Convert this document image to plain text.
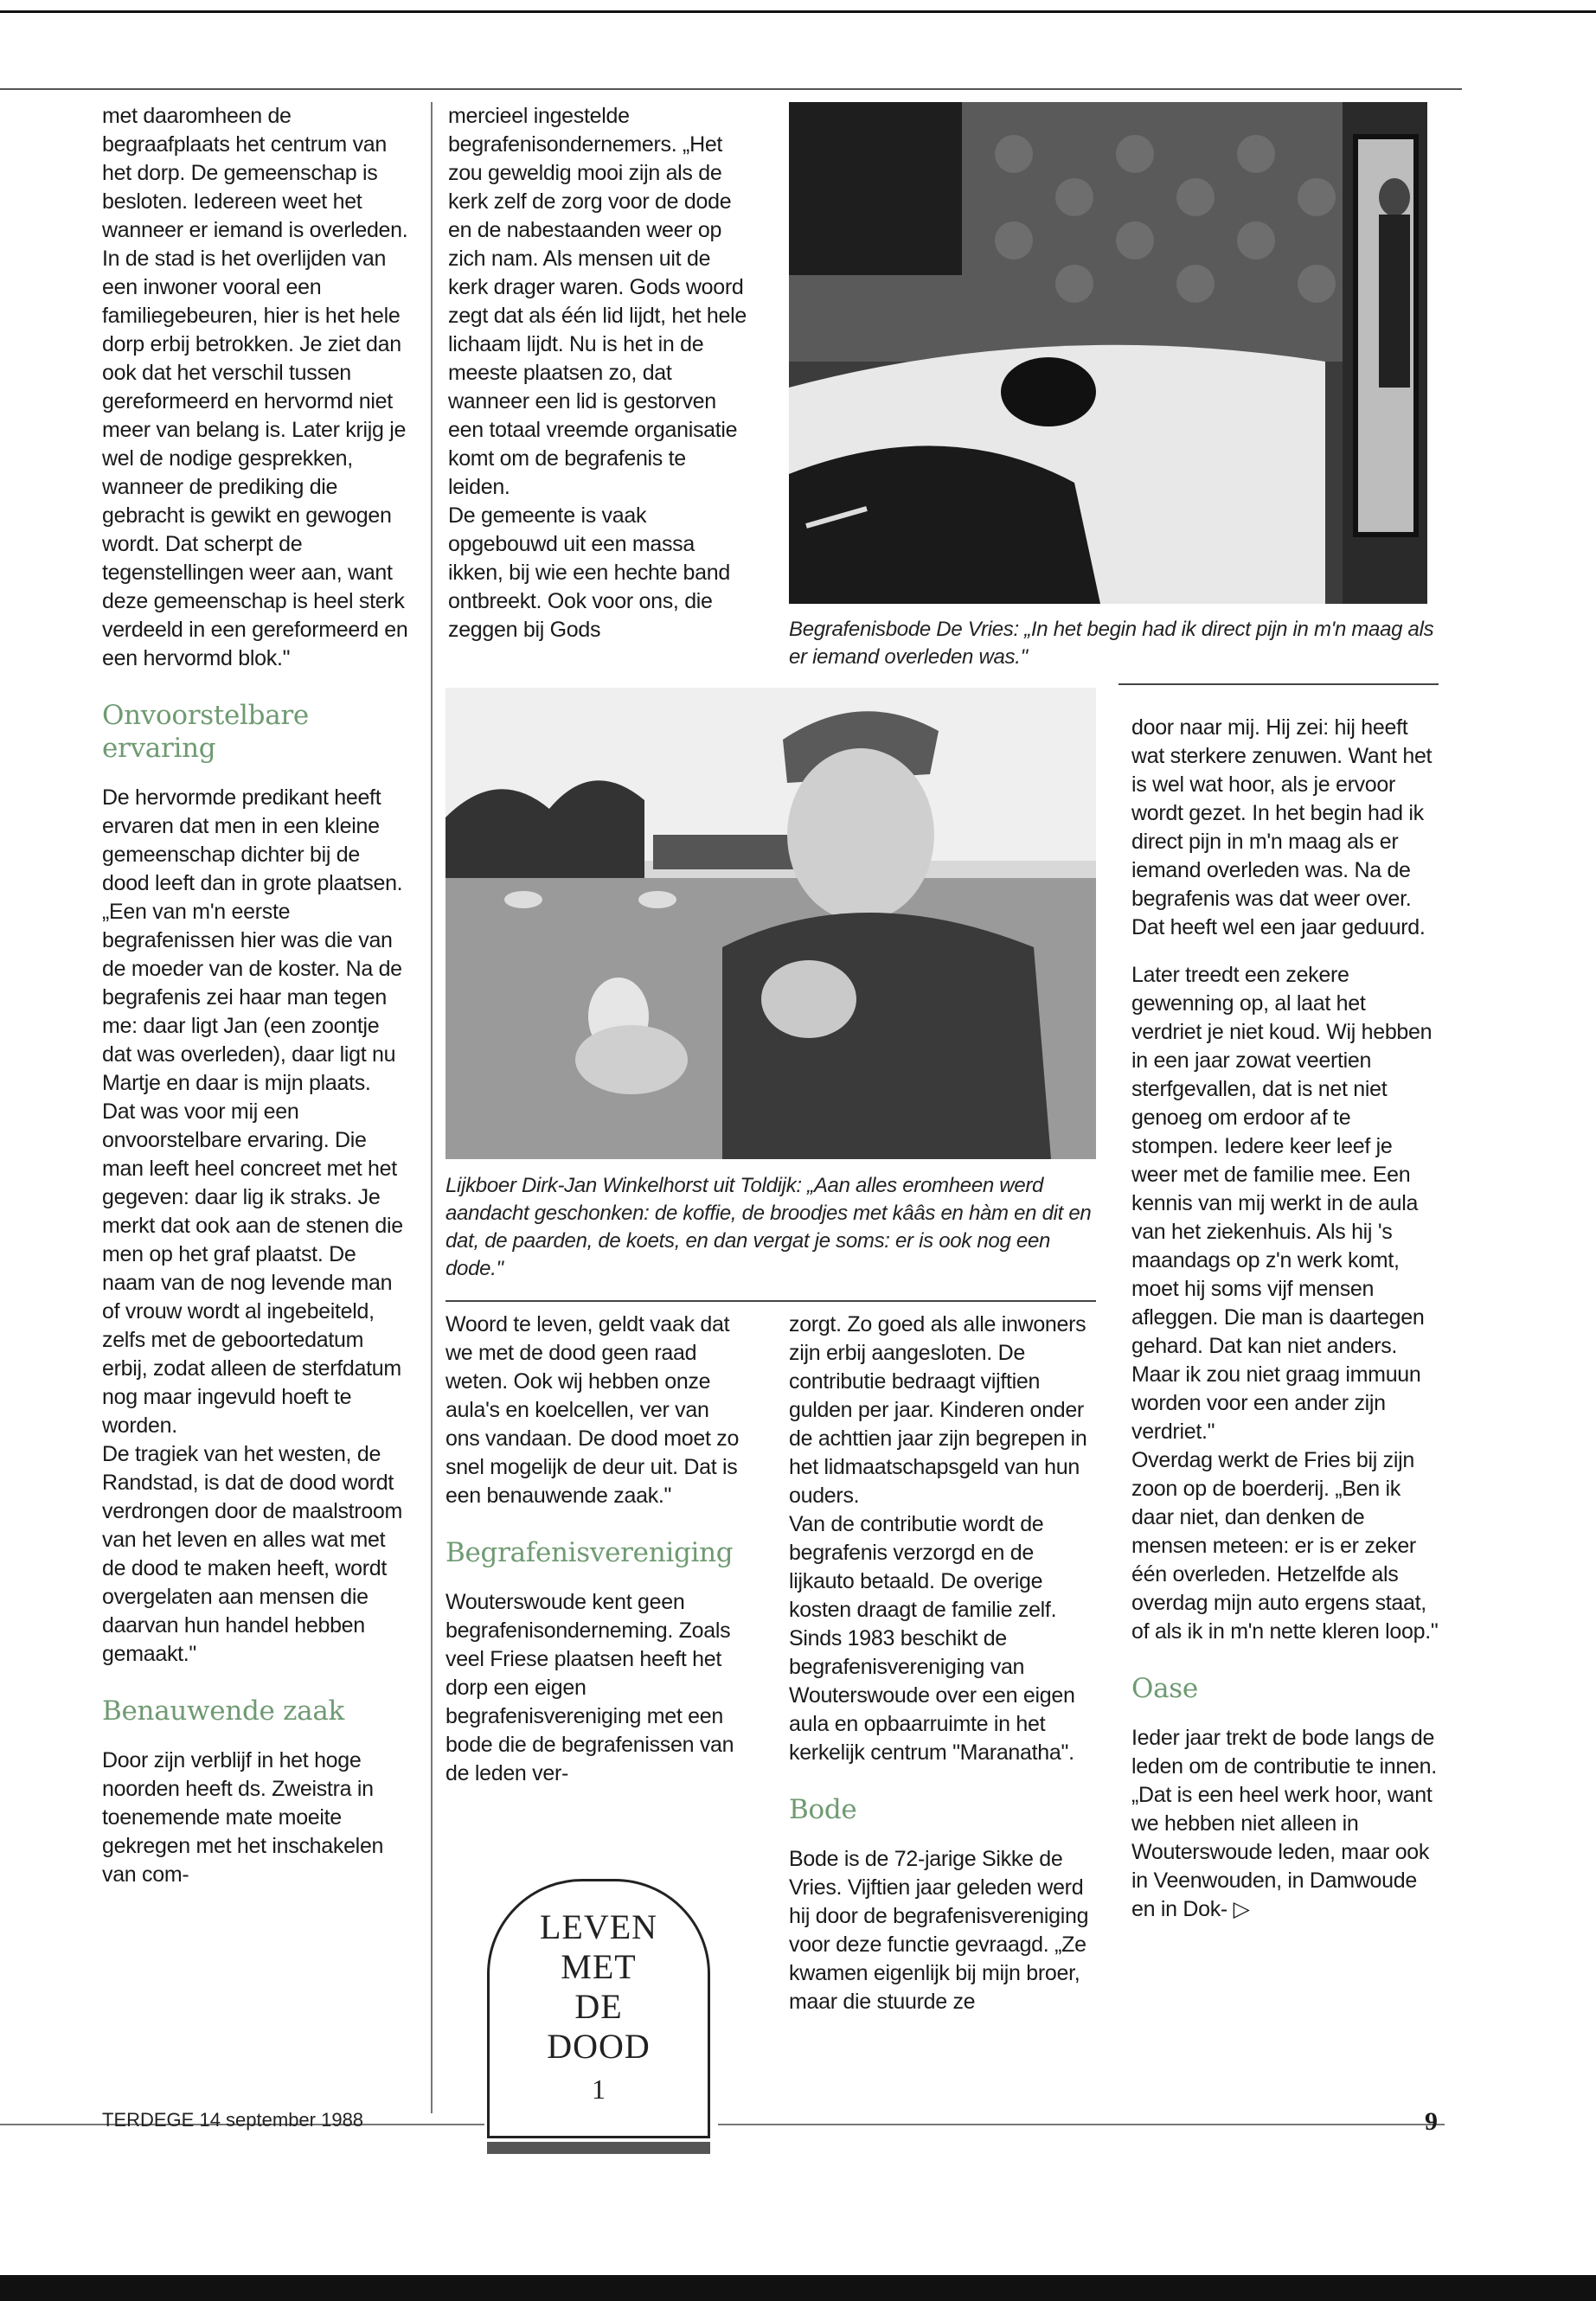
met daaromheen de begraafplaats het centrum van het dorp. De gemeenschap is besloten. Iedereen weet het wanneer er iemand is overleden. In de stad is het overlijden van een inwoner vooral een familiegebeuren, hier is het hele dorp erbij betrokken. Je ziet dan ook dat het verschil tussen gereformeerd en hervormd niet meer van belang is. Later krijg je wel de nodige gesprekken, wanneer de prediking die gebracht is gewikt en gewogen wordt. Dat scherpt de tegenstellingen weer aan, want deze gemeenschap is heel sterk verdeeld in een gereformeerd en een hervormd blok."

Onvoorstelbare ervaring

De hervormde predikant heeft ervaren dat men in een kleine gemeenschap dichter bij de dood leeft dan in grote plaatsen. „Een van m'n eerste begrafenissen hier was die van de moeder van de koster. Na de begrafenis zei haar man tegen me: daar ligt Jan (een zoontje dat was overleden), daar ligt nu Martje en daar is mijn plaats.

Dat was voor mij een onvoorstelbare ervaring. Die man leeft heel concreet met het gegeven: daar lig ik straks. Je merkt dat ook aan de stenen die men op het graf plaatst. De naam van de nog levende man of vrouw wordt al ingebeiteld, zelfs met de geboortedatum erbij, zodat alleen de sterfdatum nog maar ingevuld hoeft te worden.

De tragiek van het westen, de Randstad, is dat de dood wordt verdrongen door de maalstroom van het leven en alles wat met de dood te maken heeft, wordt overgelaten aan mensen die daarvan hun handel hebben gemaakt."

Benauwende zaak

Door zijn verblijf in het hoge noorden heeft ds. Zweistra in toenemende mate moeite gekregen met het inschakelen van com-

mercieel ingestelde begrafenisondernemers. „Het zou geweldig mooi zijn als de kerk zelf de zorg voor de dode en de nabestaanden weer op zich nam. Als mensen uit de kerk drager waren. Gods woord zegt dat als één lid lijdt, het hele lichaam lijdt. Nu is het in de meeste plaatsen zo, dat wanneer een lid is gestorven een totaal vreemde organisatie komt om de begrafenis te leiden.

De gemeente is vaak opgebouwd uit een massa ikken, bij wie een hechte band ontbreekt. Ook voor ons, die zeggen bij Gods	Begrafenisbode De Vries: „In het begin had ik direct pijn in m'n maag als er iemand overleden was."
Lijkboer Dirk-Jan Winkelhorst uit Toldijk: „Aan alles eromheen werd aandacht geschonken: de koffie, de broodjes met kââs en hàm en dit en dat, de paarden, de koets, en dan vergat je soms: er is ook nog een dode."

Woord te leven, geldt vaak dat we met de dood geen raad weten. Ook wij hebben onze aula's en koelcellen, ver van ons vandaan. De dood moet zo snel mogelijk de deur uit. Dat is een benauwende zaak."

Begrafenisvereniging

Wouterswoude kent geen begrafenisonderneming. Zoals veel Friese plaatsen heeft het dorp een eigen begrafenisvereniging met een bode die de begrafenissen van de leden ver-

zorgt. Zo goed als alle inwoners zijn erbij aangesloten. De contributie bedraagt vijftien gulden per jaar. Kinderen onder de achttien jaar zijn begrepen in het lidmaatschapsgeld van hun ouders.

Van de contributie wordt de begrafenis verzorgd en de lijkauto betaald. De overige kosten draagt de familie zelf. Sinds 1983 beschikt de begrafenisvereniging van Wouterswoude over een eigen aula en opbaarruimte in het kerkelijk centrum "Maranatha".

Bode

Bode is de 72-jarige Sikke de Vries. Vijftien jaar geleden werd hij door de begrafenisvereniging voor deze functie gevraagd. „Ze kwamen eigenlijk bij mijn broer, maar die stuurde ze

door naar mij. Hij zei: hij heeft wat sterkere zenuwen. Want het is wel wat hoor, als je ervoor wordt gezet. In het begin had ik direct pijn in m'n maag als er iemand overleden was. Na de begrafenis was dat weer over. Dat heeft wel een jaar geduurd.

Later treedt een zekere gewenning op, al laat het verdriet je niet koud. Wij hebben in een jaar zowat veertien sterfgevallen, dat is net niet genoeg om erdoor af te stompen. Iedere keer leef je weer met de familie mee. Een kennis van mij werkt in de aula van het ziekenhuis. Als hij 's maandags op z'n werk komt, moet hij soms vijf mensen afleggen. Die man is daartegen gehard. Dat kan niet anders. Maar ik zou niet graag immuun worden voor een ander zijn verdriet."

Overdag werkt de Fries bij zijn zoon op de boerderij. „Ben ik daar niet, dan denken de mensen meteen: er is er zeker één overleden. Hetzelfde als overdag mijn auto ergens staat, of als ik in m'n nette kleren loop."

Oase

Ieder jaar trekt de bode langs de leden om de contributie te innen. „Dat is een heel werk hoor, want we hebben niet alleen in Wouterswoude leden, maar ook in Veenwouden, in Damwoude en in Dok- ▷

LEVEN
MET
DE
DOOD
1
TERDEGE 14 september 1988	9
